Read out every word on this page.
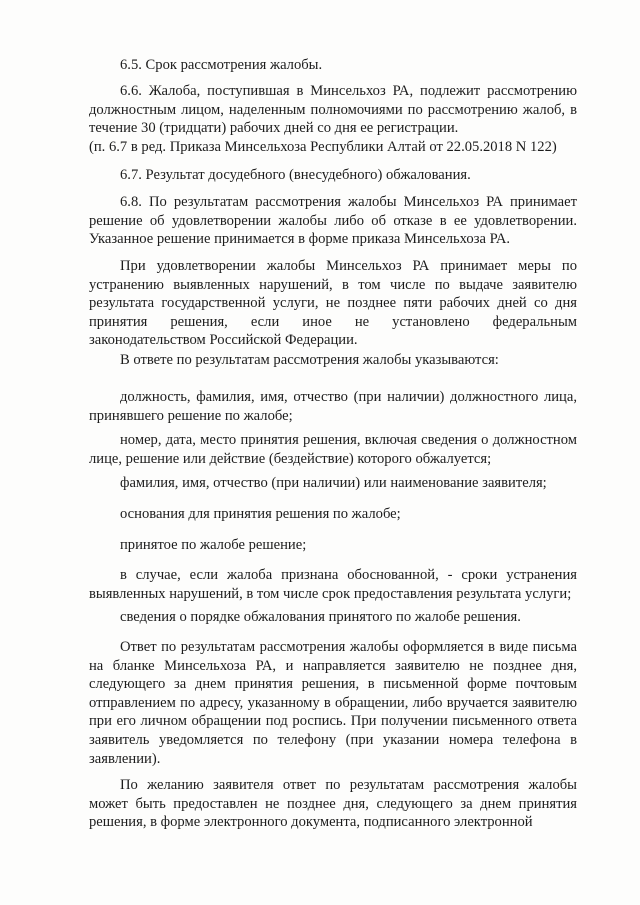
6.5. Срок рассмотрения жалобы.

6.6. Жалоба, поступившая в Минсельхоз РА, подлежит рассмотрению должностным лицом, наделенным полномочиями по рассмотрению жалоб, в течение 30 (тридцати) рабочих дней со дня ее регистрации.

(п. 6.7 в ред. Приказа Минсельхоза Республики Алтай от 22.05.2018 N 122)

6.7. Результат досудебного (внесудебного) обжалования.

6.8. По результатам рассмотрения жалобы Минсельхоз РА принимает решение об удовлетворении жалобы либо об отказе в ее удовлетворении. Указанное решение принимается в форме приказа Минсельхоза РА.

При удовлетворении жалобы Минсельхоз РА принимает меры по устранению выявленных нарушений, в том числе по выдаче заявителю результата государственной услуги, не позднее пяти рабочих дней со дня принятия решения, если иное не установлено федеральным законодательством Российской Федерации.

В ответе по результатам рассмотрения жалобы указываются:

должность, фамилия, имя, отчество (при наличии) должностного лица, принявшего решение по жалобе;

номер, дата, место принятия решения, включая сведения о должностном лице, решение или действие (бездействие) которого обжалуется;

фамилия, имя, отчество (при наличии) или наименование заявителя;

основания для принятия решения по жалобе;

принятое по жалобе решение;

в случае, если жалоба признана обоснованной, - сроки устранения выявленных нарушений, в том числе срок предоставления результата услуги;

сведения о порядке обжалования принятого по жалобе решения.

Ответ по результатам рассмотрения жалобы оформляется в виде письма на бланке Минсельхоза РА, и направляется заявителю не позднее дня, следующего за днем принятия решения, в письменной форме почтовым отправлением по адресу, указанному в обращении, либо вручается заявителю при его личном обращении под роспись. При получении письменного ответа заявитель уведомляется по телефону (при указании номера телефона в заявлении).

По желанию заявителя ответ по результатам рассмотрения жалобы может быть предоставлен не позднее дня, следующего за днем принятия решения, в форме электронного документа, подписанного электронной
